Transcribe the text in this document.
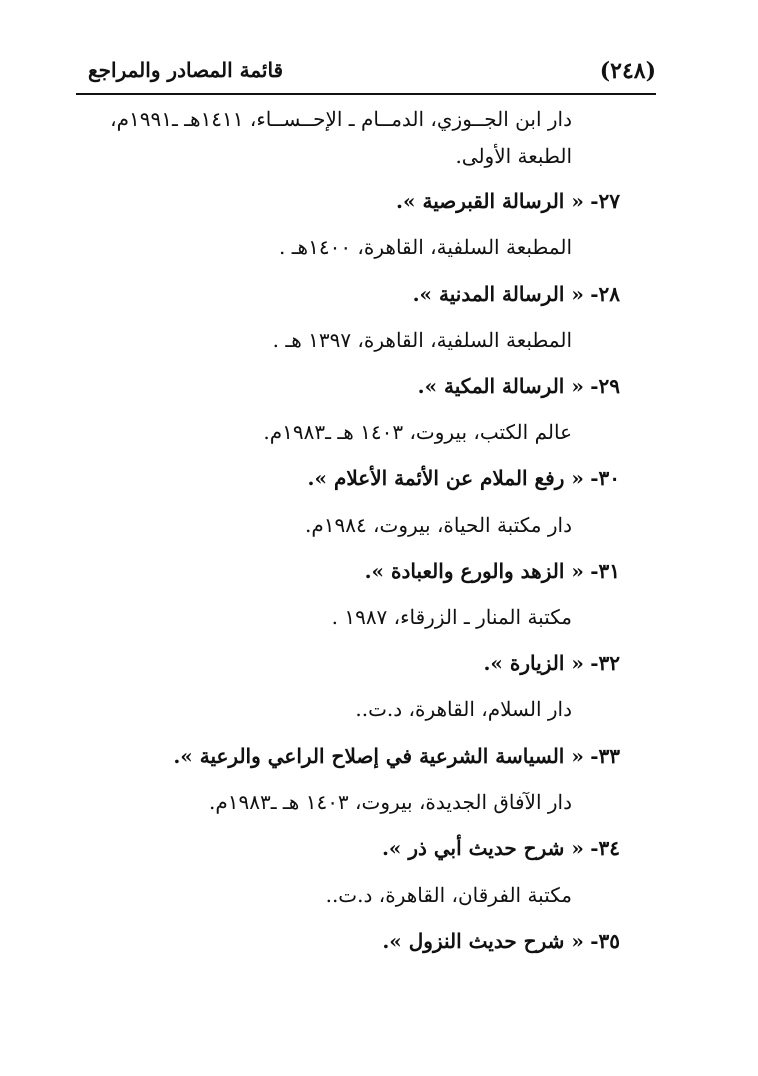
(٢٤٨)
قائمة المصادر والمراجع
دار ابن الجــوزي، الدمــام ـ الإحــســاء، ١٤١١هـ ـ١٩٩١م،
الطبعة الأولى.
٢٧- « الرسالة القبرصية ».
المطبعة السلفية، القاهرة، ١٤٠٠هـ .
٢٨- « الرسالة المدنية ».
المطبعة السلفية، القاهرة، ١٣٩٧ هـ .
٢٩- « الرسالة المكية ».
عالم الكتب، بيروت، ١٤٠٣ هـ ـ١٩٨٣م.
٣٠- « رفع الملام عن الأئمة الأعلام ».
دار مكتبة الحياة، بيروت، ١٩٨٤م.
٣١- « الزهد والورع والعبادة ».
مكتبة المنار ـ الزرقاء، ١٩٨٧ .
٣٢- « الزيارة ».
دار السلام، القاهرة، د.ت..
٣٣- « السياسة الشرعية في إصلاح الراعي والرعية ».
دار الآفاق الجديدة، بيروت، ١٤٠٣ هـ ـ١٩٨٣م.
٣٤- « شرح حديث أبي ذر ».
مكتبة الفرقان، القاهرة، د.ت..
٣٥- « شرح حديث النزول ».
